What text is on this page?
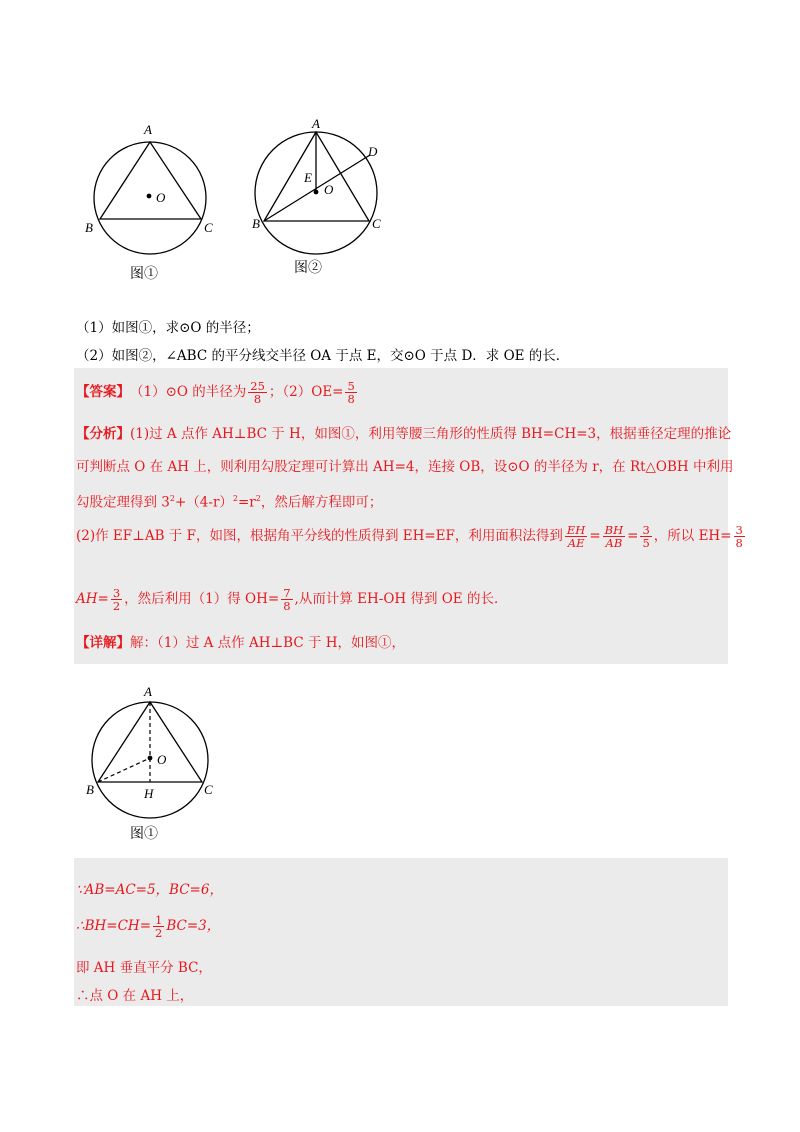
A
O
B	C
图①
A
D
E
O
B	C
图②
（1）如图①，求⊙O 的半径；
（2）如图②，∠ABC 的平分线交半径 OA 于点 E，交⊙O 于点 D．求 OE 的长．
【答案】 （1）⊙O 的半径为 $\frac{25}{8}$ ；$(2)OE= \frac{5}{8}$
【分析】(1)过 A 点作 AH⊥BC 于 H，如图①，利用等腰三角形的性质得 BH=CH=3，根据垂径定理的推论
可判断点 O 在 AH 上，则利用勾股定理可计算出 AH=4，连接 OB，设⊙O 的半径为 r，在 Rt△OBH 中利用
勾股定理得到 $3^2+(4-r)^2=r^2$，然后解方程即可；
(2)作 EF⊥AB 于 F，如图，根据角平分线的性质得到 EH=EF，利用面积法得到 $\frac{EH}{AE} = \frac{BH}{AB} = \frac{3}{5}$ ，所以 $EH= \frac{3}{8}$
$AH= \frac{3}{2}$ ，然后利用（1）得 $OH= \frac{7}{8}$ ,从而计算 EH-OH 得到 OE 的长．
【详解】解：（1）过 A 点作 AH⊥BC 于 H，如图①，
A
O
B	H	C
图①
∵AB=AC=5，BC=6，
∴BH=CH= $\frac{1}{2} BC=3$，
即 AH 垂直平分 BC，
∴点 O 在 AH 上，
